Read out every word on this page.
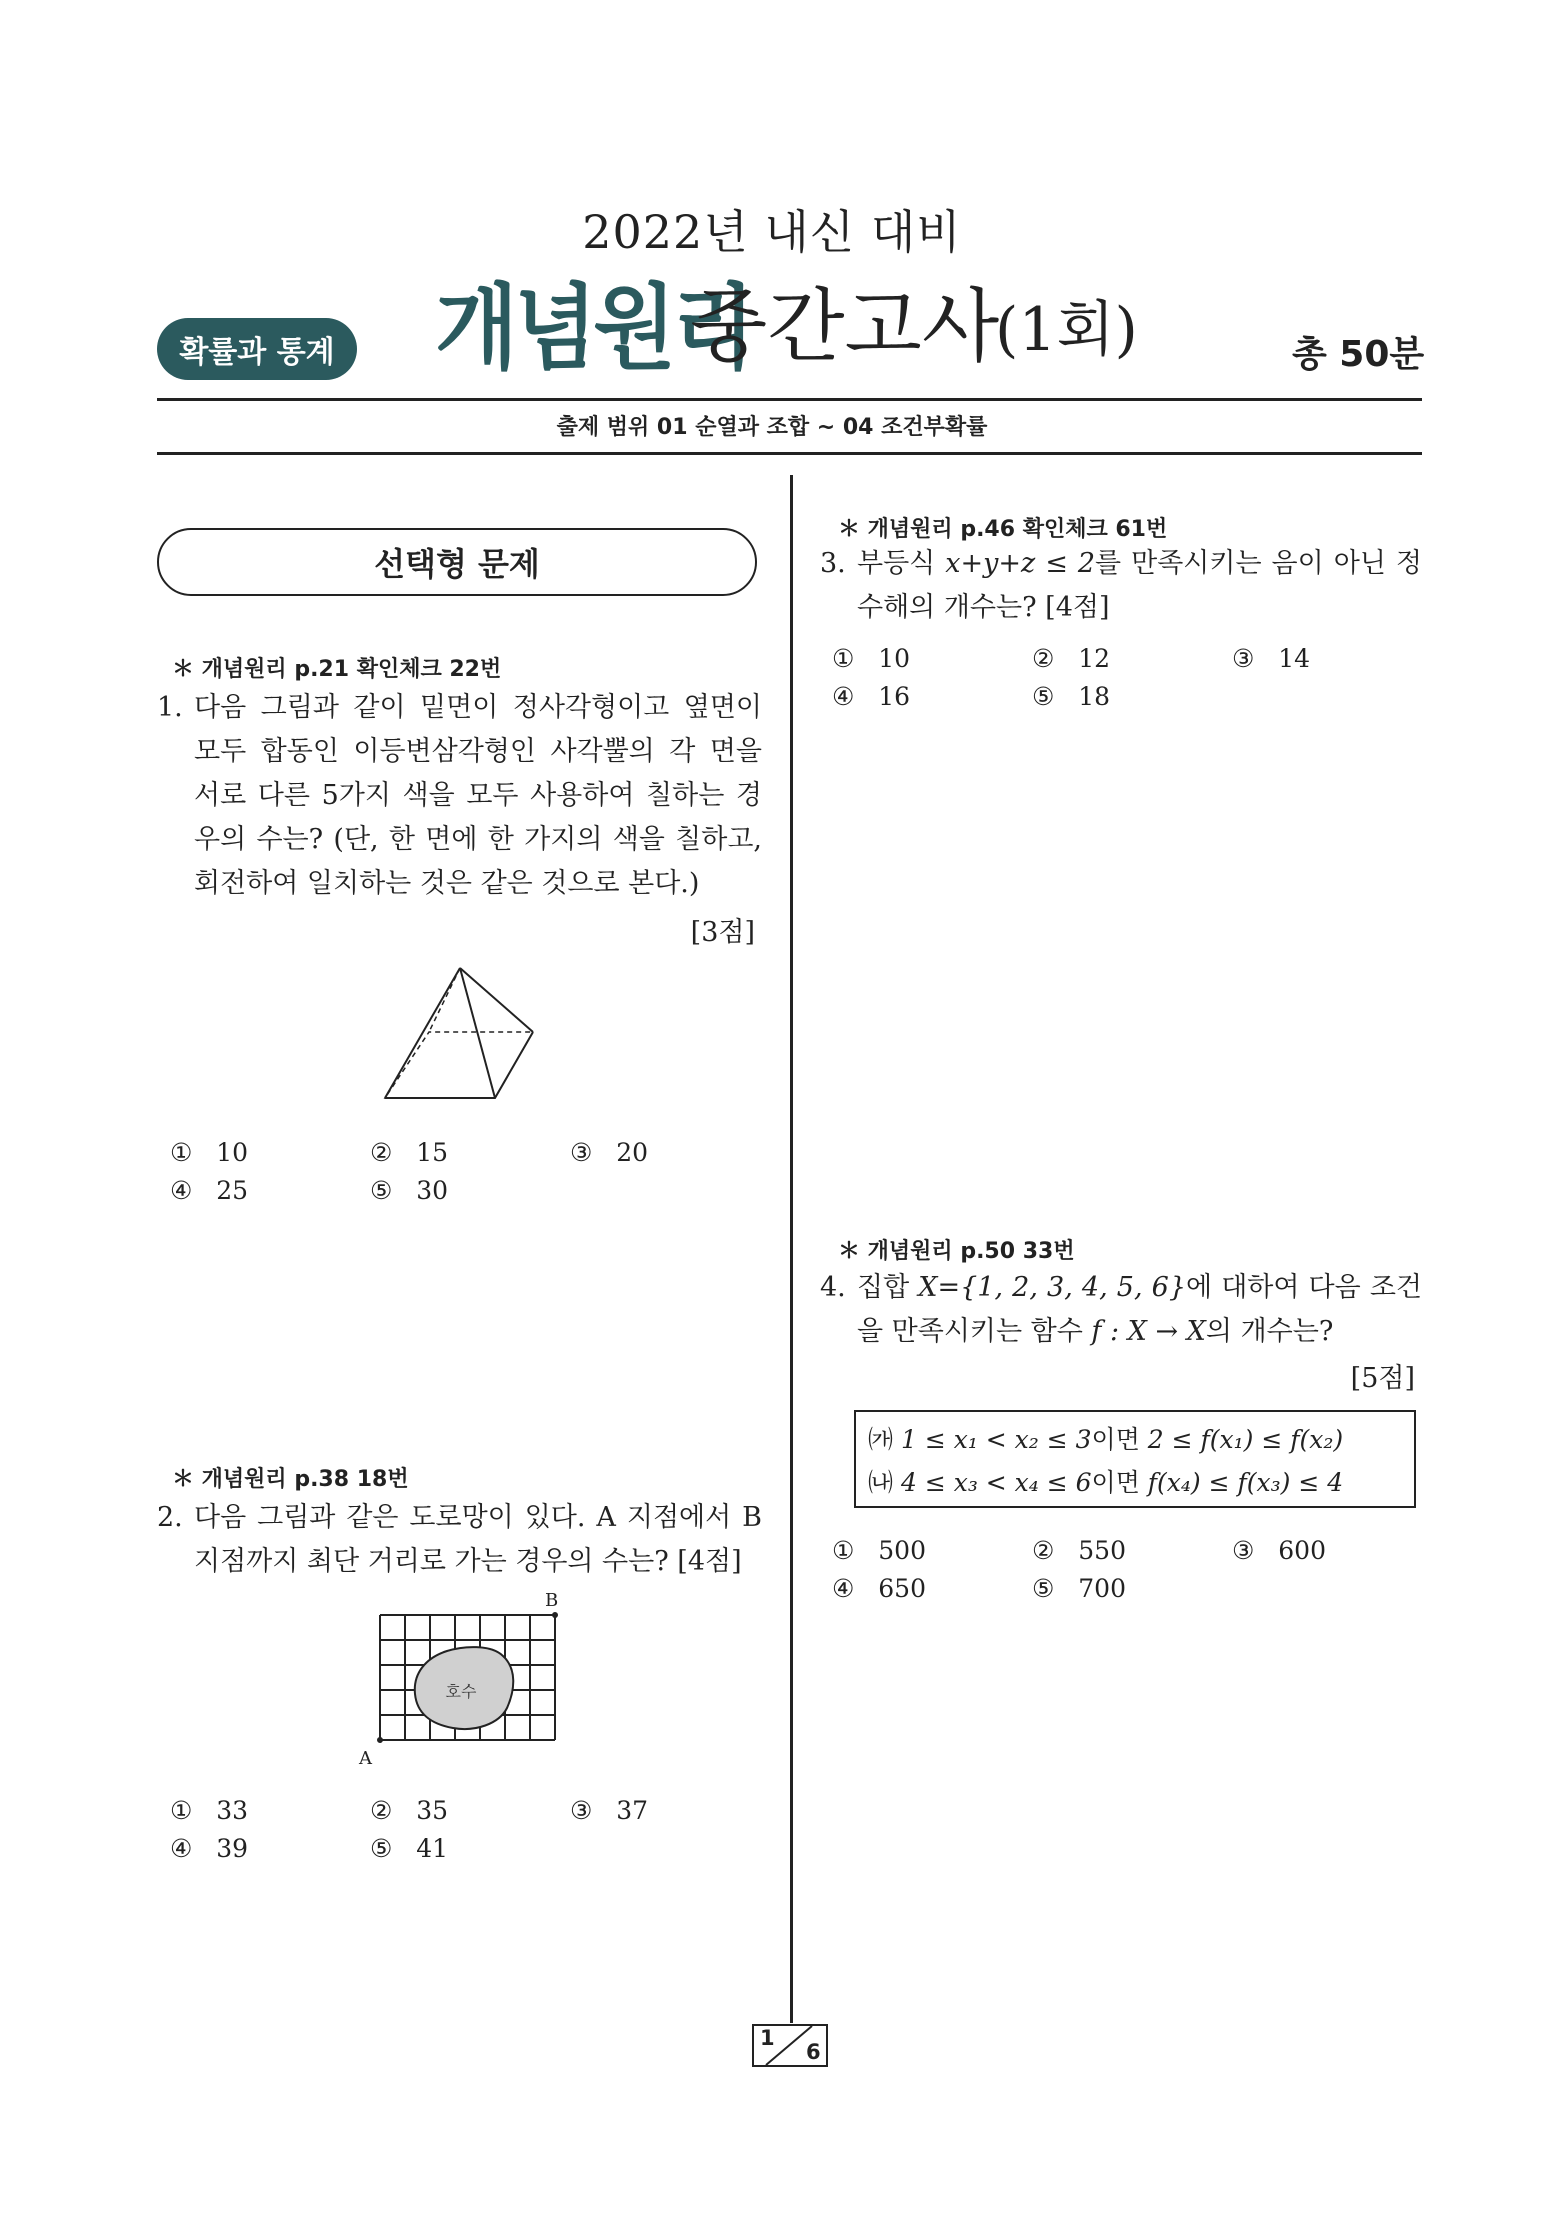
2022년 내신 대비
개념원리
중간고사
(1회)
확률과 통계	총 50분
출제 범위 01 순열과 조합 ~ 04 조건부확률
선택형 문제
＊ 개념원리 p.21 확인체크 22번
1. 다음 그림과 같이 밑면이 정사각형이고 옆면이 모두 합동인 이등변삼각형인 사각뿔의 각 면을 서로 다른 5가지 색을 모두 사용하여 칠하는 경우의 수는? (단, 한 면에 한 가지의 색을 칠하고, 회전하여 일치하는 것은 같은 것으로 본다.)
[3점]
① 10	② 15	③ 20
④ 25	⑤ 30
＊ 개념원리 p.38 18번
2. 다음 그림과 같은 도로망이 있다. A 지점에서 B 지점까지 최단 거리로 가는 경우의 수는? [4점]
호수
A
B
① 33	② 35	③ 37
④ 39	⑤ 41
＊ 개념원리 p.46 확인체크 61번
3. 부등식 x+y+z ≤ 2를 만족시키는 음이 아닌 정수해의 개수는? [4점]
① 10	② 12	③ 14
④ 16	⑤ 18
＊ 개념원리 p.50 33번
4. 집합 X={1, 2, 3, 4, 5, 6}에 대하여 다음 조건을 만족시키는 함수 f : X → X의 개수는?
[5점]
㈎ 1 ≤ x₁ < x₂ ≤ 3이면 2 ≤ f(x₁) ≤ f(x₂)
㈏ 4 ≤ x₃ < x₄ ≤ 6이면 f(x₄) ≤ f(x₃) ≤ 4
① 500	② 550	③ 600
④ 650	⑤ 700
1
6
